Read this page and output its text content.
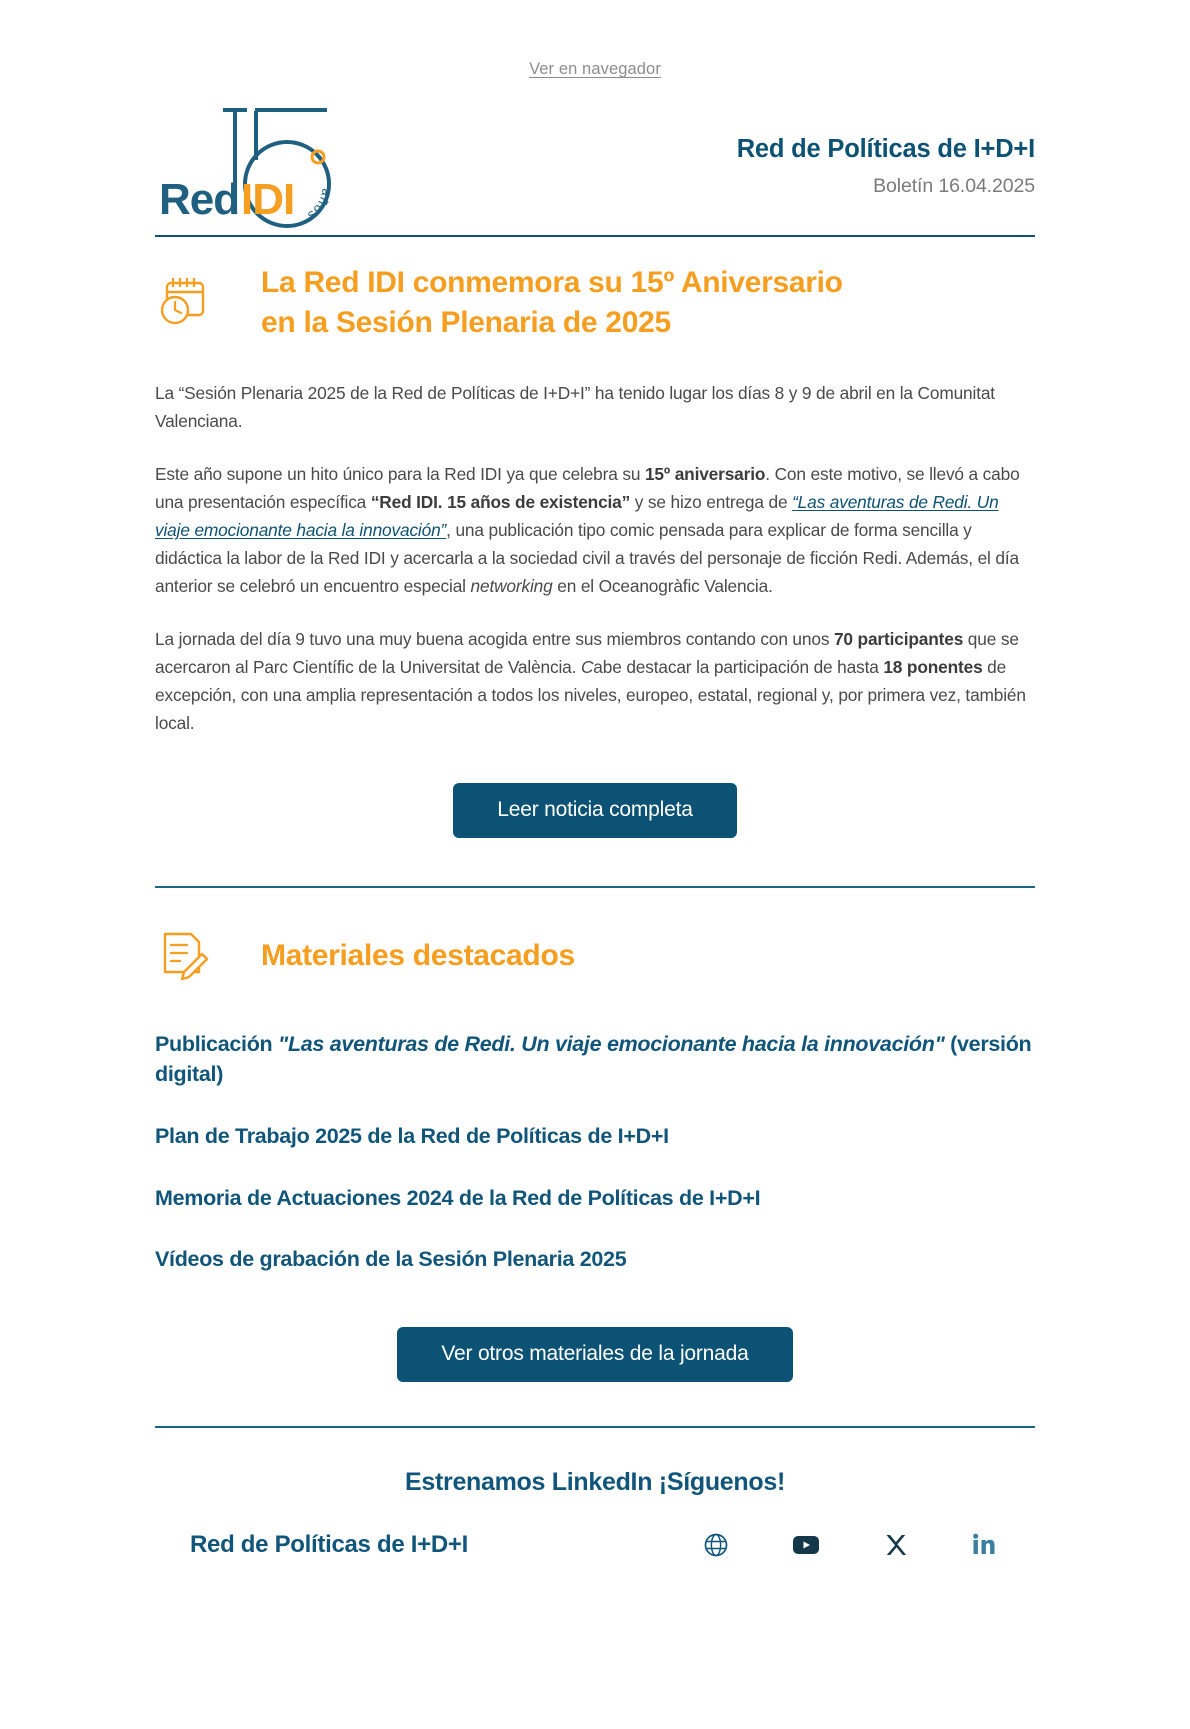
Ver en navegador
años
Red IDI
Red de Políticas de I+D+I
Boletín 16.04.2025
La Red IDI conmemora su 15º Aniversario
en la Sesión Plenaria de 2025

La “Sesión Plenaria 2025 de la Red de Políticas de I+D+I” ha tenido lugar los días 8 y 9 de abril en la Comunitat Valenciana.

Este año supone un hito único para la Red IDI ya que celebra su 15º aniversario. Con este motivo, se llevó a cabo una presentación específica “Red IDI. 15 años de existencia” y se hizo entrega de “Las aventuras de Redi. Un viaje emocionante hacia la innovación”, una publicación tipo comic pensada para explicar de forma sencilla y didáctica la labor de la Red IDI y acercarla a la sociedad civil a través del personaje de ficción Redi. Además, el día anterior se celebró un encuentro especial networking en el Oceanogràfic Valencia.

La jornada del día 9 tuvo una muy buena acogida entre sus miembros contando con unos 70 participantes que se acercaron al Parc Científic de la Universitat de València. Cabe destacar la participación de hasta 18 ponentes de excepción, con una amplia representación a todos los niveles, europeo, estatal, regional y, por primera vez, también local.

Leer noticia completa
Materiales destacados
Publicación "Las aventuras de Redi. Un viaje emocionante hacia la innovación" (versión digital)
Plan de Trabajo 2025 de la Red de Políticas de I+D+I
Memoria de Actuaciones 2024 de la Red de Políticas de I+D+I
Vídeos de grabación de la Sesión Plenaria 2025
Ver otros materiales de la jornada
Estrenamos LinkedIn ¡Síguenos!
Red de Políticas de I+D+I
